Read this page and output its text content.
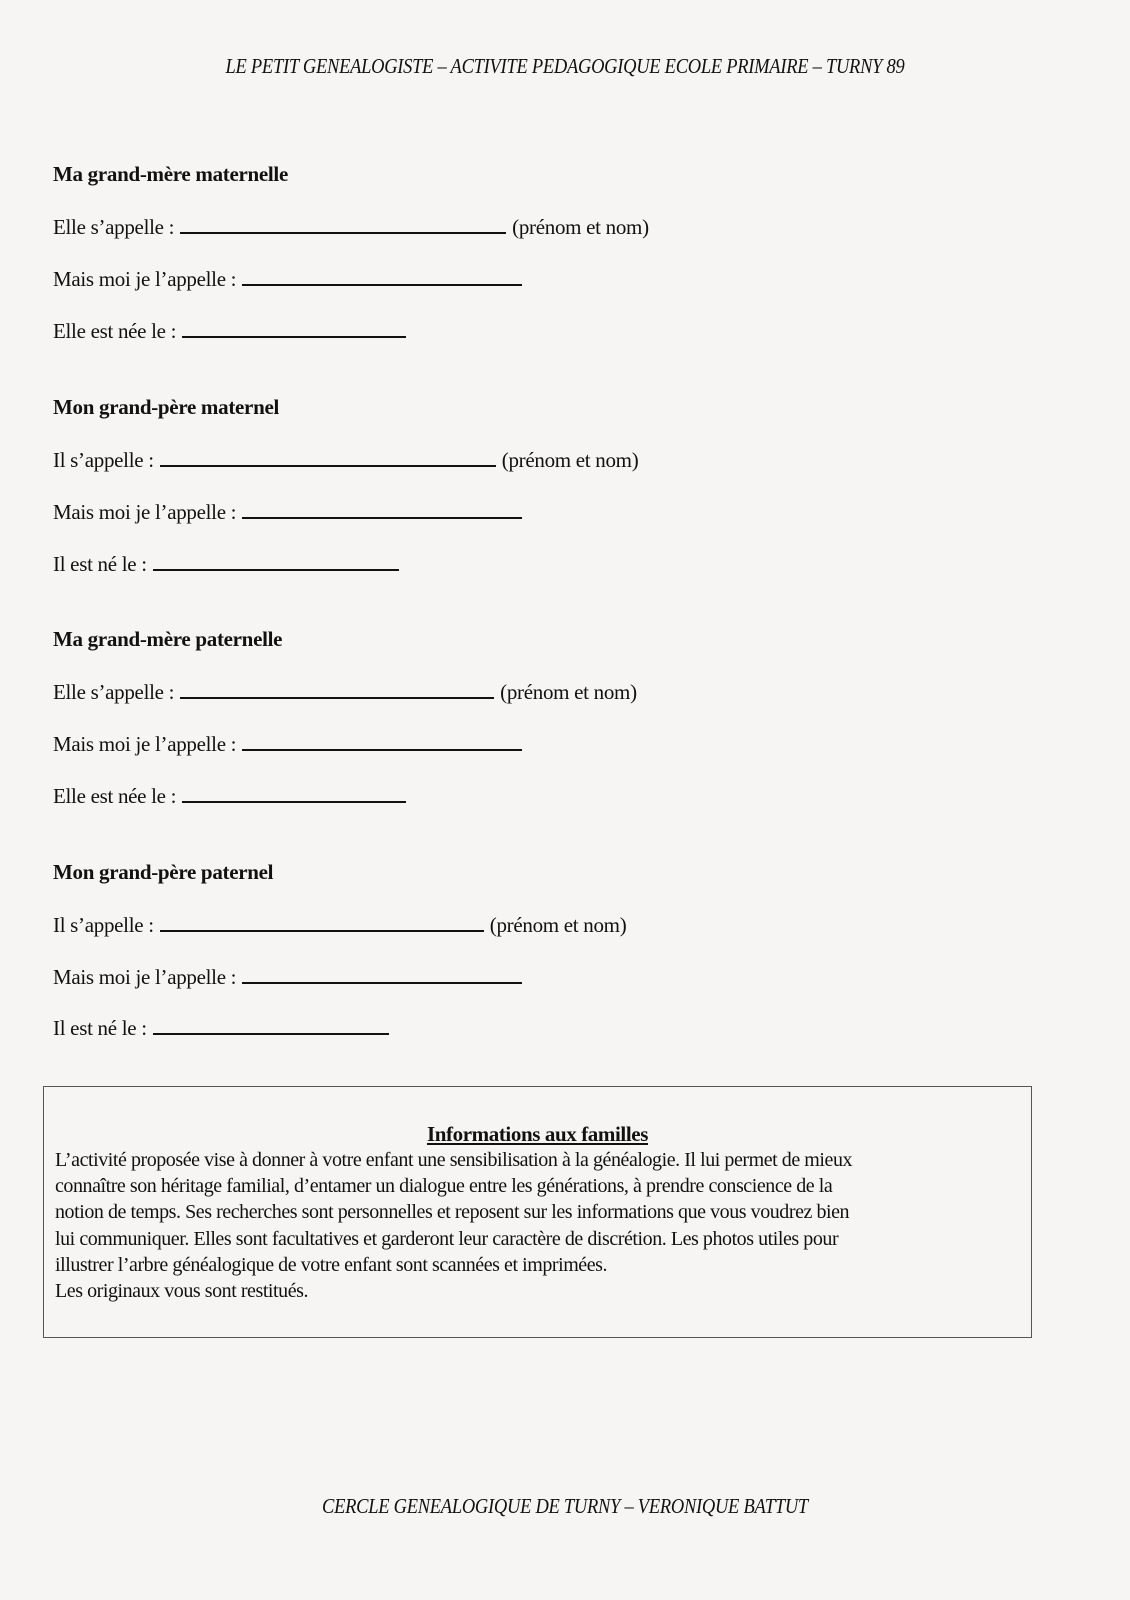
LE PETIT GENEALOGISTE – ACTIVITE PEDAGOGIQUE ECOLE PRIMAIRE – TURNY 89
Ma grand-mère maternelle
Elle s’appelle :	(prénom et nom)
Mais moi je l’appelle :
Elle est née le :
Mon grand-père maternel
Il s’appelle :	(prénom et nom)
Mais moi je l’appelle :
Il est né le :
Ma grand-mère paternelle
Elle s’appelle :	(prénom et nom)
Mais moi je l’appelle :
Elle est née le :
Mon grand-père paternel
Il s’appelle :	(prénom et nom)
Mais moi je l’appelle :
Il est né le :
Informations aux familles
L’activité proposée vise à donner à votre enfant une sensibilisation à la généalogie. Il lui permet de mieux
connaître son héritage familial, d’entamer un dialogue entre les générations, à prendre conscience de la
notion de temps. Ses recherches sont personnelles et reposent sur les informations que vous voudrez bien
lui communiquer. Elles sont facultatives et garderont leur caractère de discrétion. Les photos utiles pour
illustrer l’arbre généalogique de votre enfant sont scannées et imprimées.
Les originaux vous sont restitués.
CERCLE GENEALOGIQUE DE TURNY – VERONIQUE BATTUT
